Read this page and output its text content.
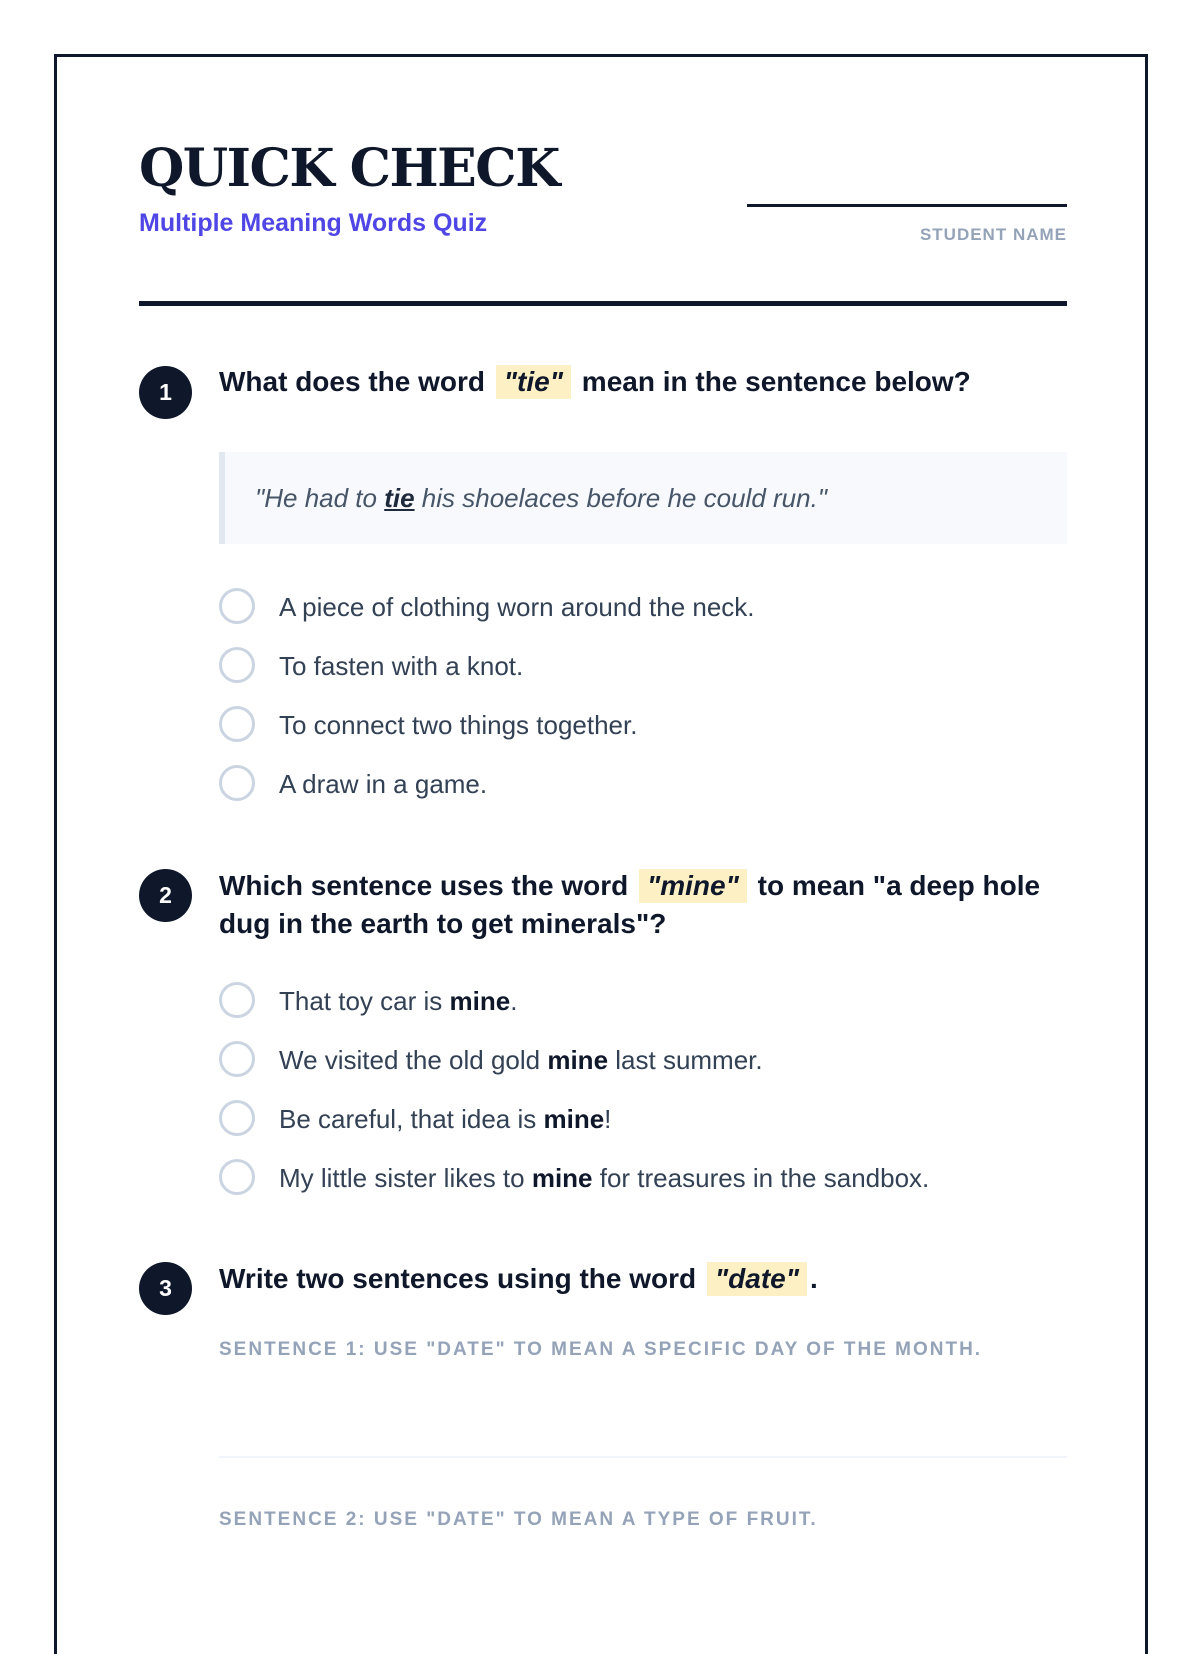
QUICK CHECK
Multiple Meaning Words Quiz	STUDENT NAME
1	What does the word "tie" mean in the sentence below?
"He had to tie his shoelaces before he could run."
A piece of clothing worn around the neck.
To fasten with a knot.
To connect two things together.
A draw in a game.
2	Which sentence uses the word "mine" to mean "a deep hole dug in the earth to get minerals"?
That toy car is mine.
We visited the old gold mine last summer.
Be careful, that idea is mine!
My little sister likes to mine for treasures in the sandbox.
3	Write two sentences using the word "date" .
SENTENCE 1: USE "DATE" TO MEAN A SPECIFIC DAY OF THE MONTH.
SENTENCE 2: USE "DATE" TO MEAN A TYPE OF FRUIT.
